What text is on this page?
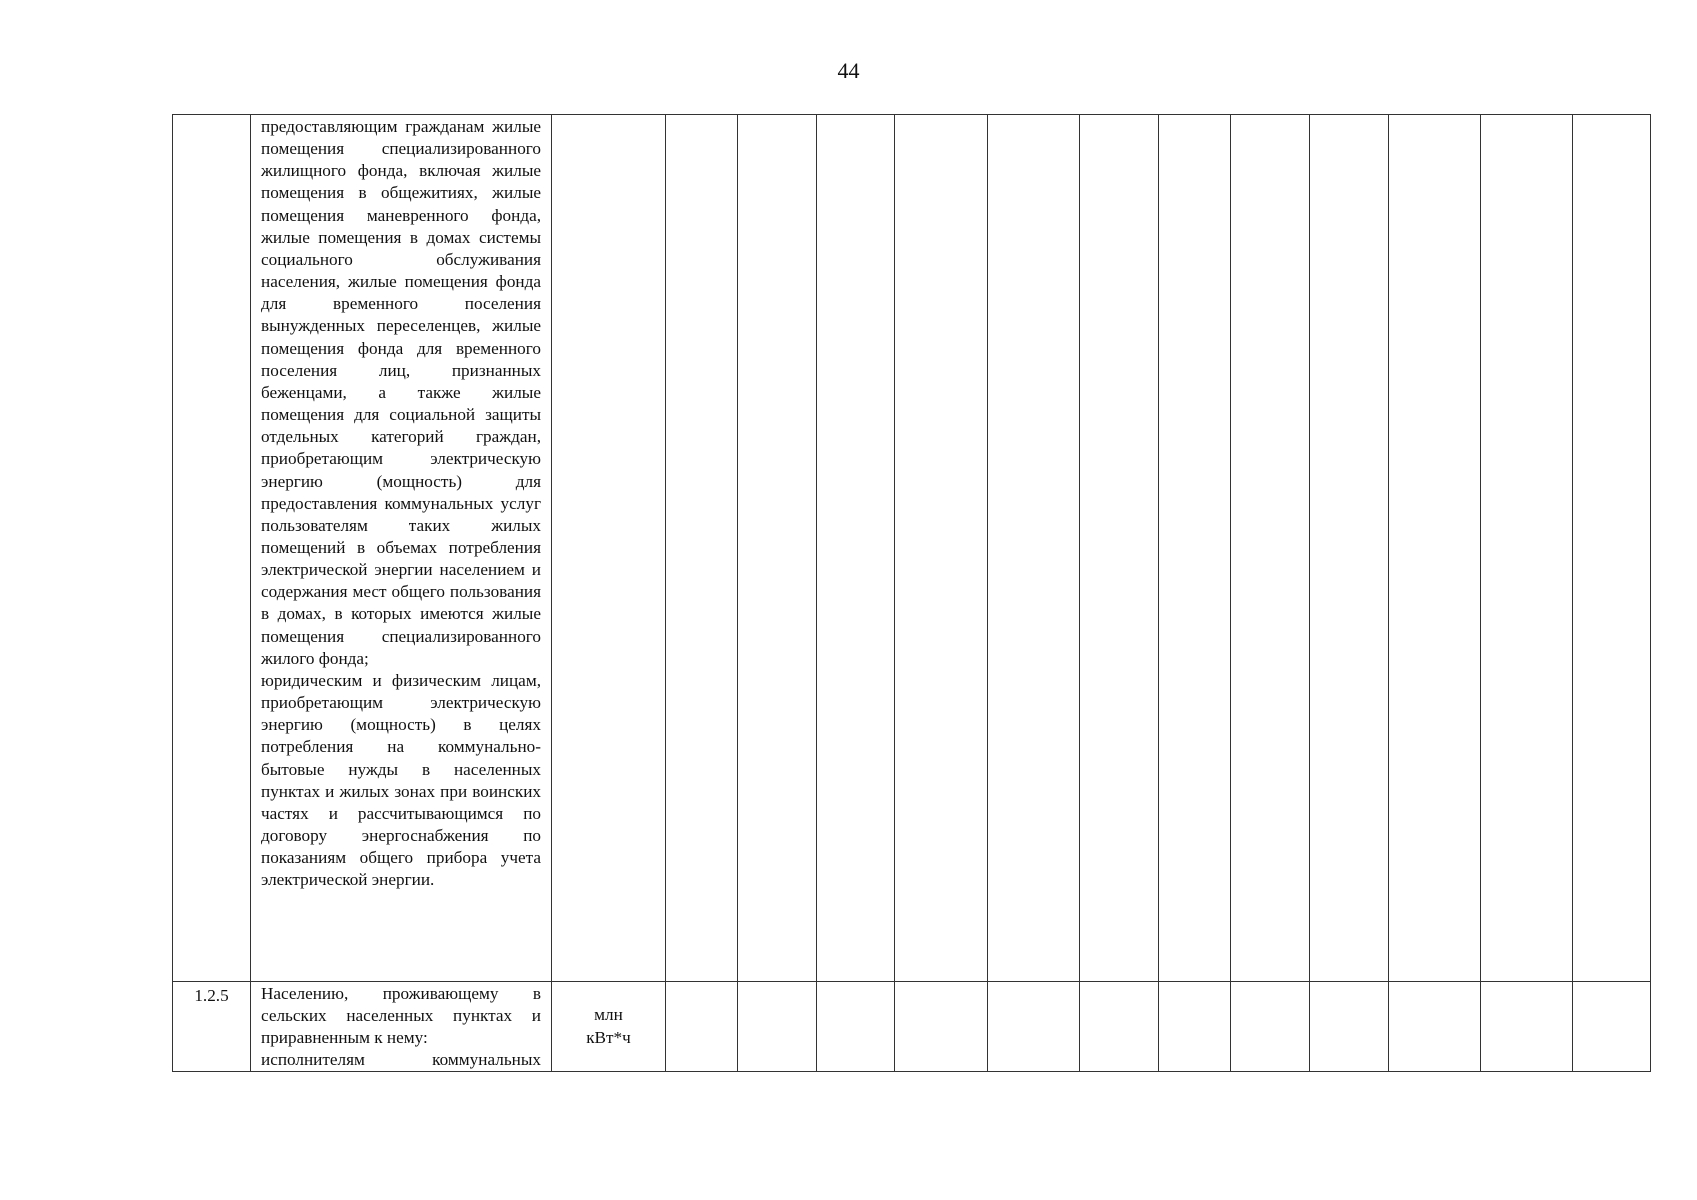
44

	предоставляющим гражданам жилые помещения специализированного жилищного фонда, включая жилые помещения в общежитиях, жилые помещения маневренного фонда, жилые помещения в домах системы социального обслуживания населения, жилые помещения фонда для временного поселения вынужденных переселенцев, жилые помещения фонда для временного поселения лиц, признанных беженцами, а также жилые помещения для социальной защиты отдельных категорий граждан, приобретающим электрическую энергию (мощность) для предоставления коммунальных услуг пользователям таких жилых помещений в объемах потребления электрической энергии населением и содержания мест общего пользования в домах, в которых имеются жилые помещения специализированного жилого фонда;
юридическим и физическим лицам, приобретающим электрическую энергию (мощность) в целях потребления на коммунально-бытовые нужды в населенных пунктах и жилых зонах при воинских частях и рассчитывающимся по договору энергоснабжения по показаниям общего прибора учета электрической энергии.													

1.2.5	Населению, проживающему в сельских населенных пунктах и приравненным к нему:
исполнителям коммунальных	млн
кВт*ч												
